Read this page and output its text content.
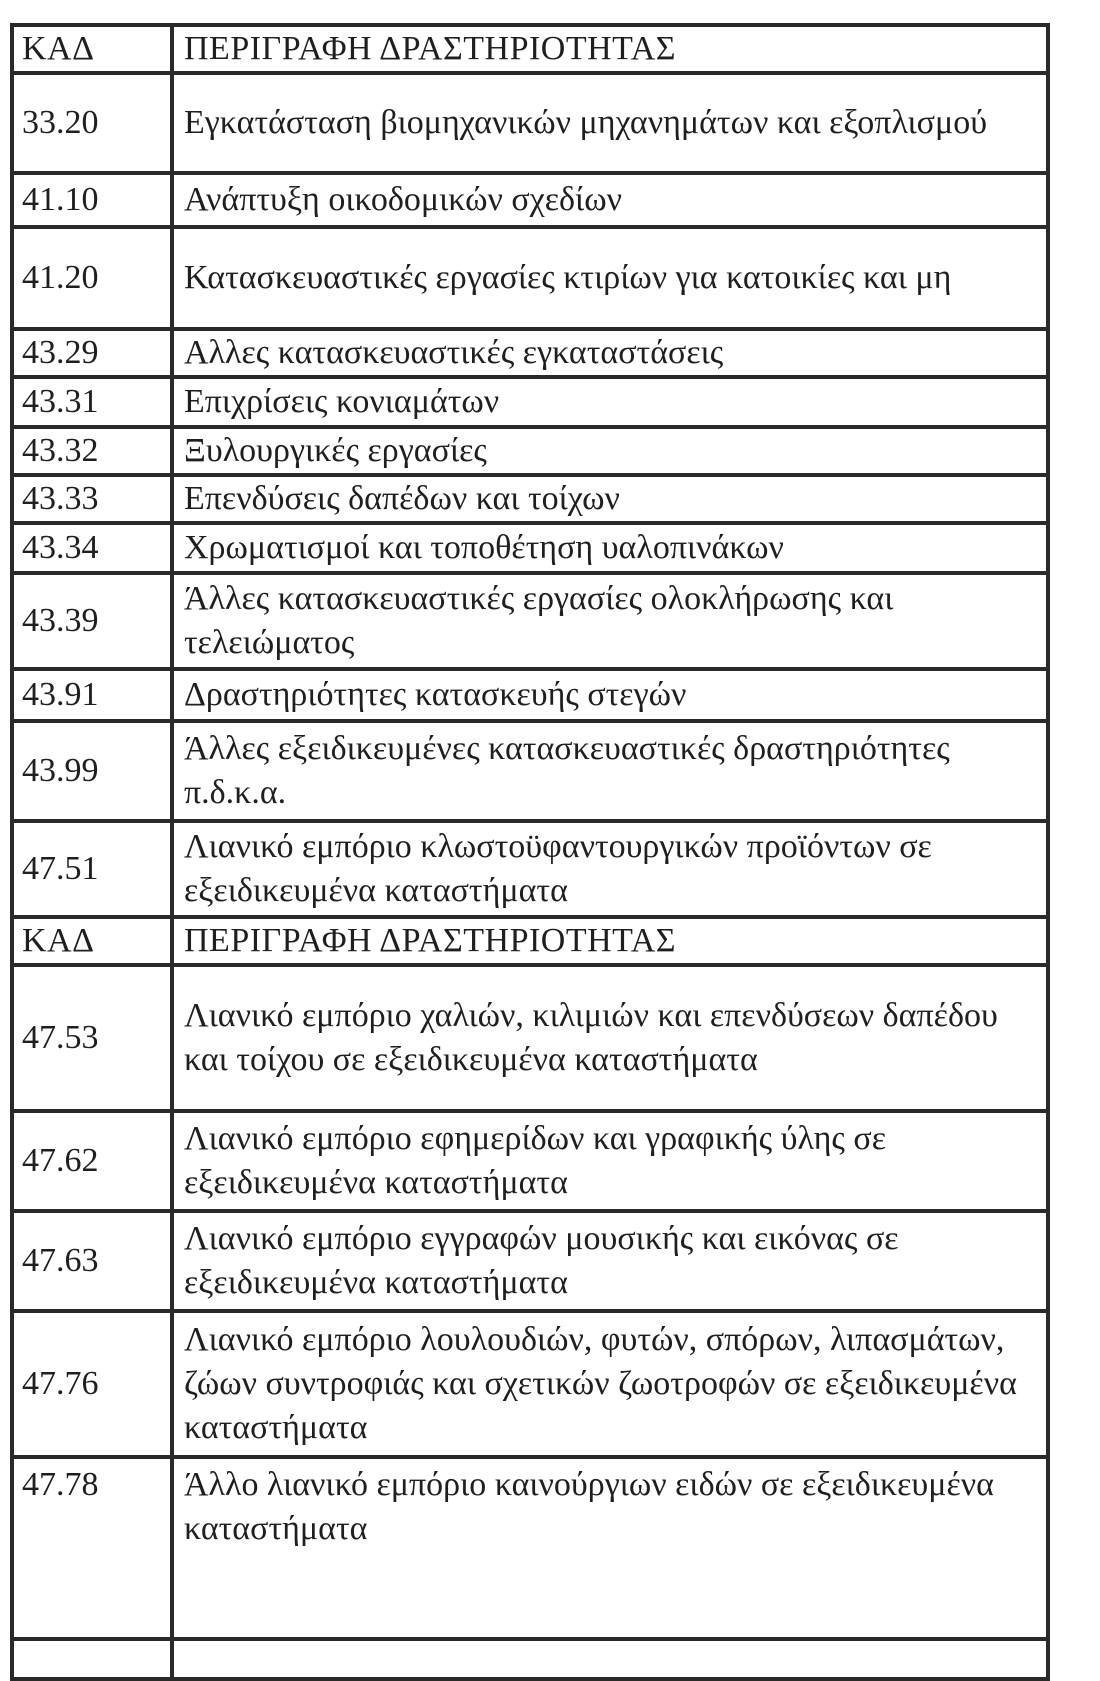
ΚΑΔ	ΠΕΡΙΓΡΑΦΗ ΔΡΑΣΤΗΡΙΟΤΗΤΑΣ
33.20	Εγκατάσταση βιομηχανικών μηχανημάτων και εξοπλισμού
41.10	Ανάπτυξη οικοδομικών σχεδίων
41.20	Κατασκευαστικές εργασίες κτιρίων για κατοικίες και μη
43.29	Αλλες κατασκευαστικές εγκαταστάσεις
43.31	Επιχρίσεις κονιαμάτων
43.32	Ξυλουργικές εργασίες
43.33	Επενδύσεις δαπέδων και τοίχων
43.34	Χρωματισμοί και τοποθέτηση υαλοπινάκων
43.39	Άλλες κατασκευαστικές εργασίες ολοκλήρωσης και τελειώματος
43.91	Δραστηριότητες κατασκευής στεγών
43.99	Άλλες εξειδικευμένες κατασκευαστικές δραστηριότητες π.δ.κ.α.
47.51	Λιανικό εμπόριο κλωστοϋφαντουργικών προϊόντων σε εξειδικευμένα καταστήματα
ΚΑΔ	ΠΕΡΙΓΡΑΦΗ ΔΡΑΣΤΗΡΙΟΤΗΤΑΣ
47.53	Λιανικό εμπόριο χαλιών, κιλιμιών και επενδύσεων δαπέδου και τοίχου σε εξειδικευμένα καταστήματα
47.62	Λιανικό εμπόριο εφημερίδων και γραφικής ύλης σε εξειδικευμένα καταστήματα
47.63	Λιανικό εμπόριο εγγραφών μουσικής και εικόνας σε εξειδικευμένα καταστήματα
47.76	Λιανικό εμπόριο λουλουδιών, φυτών, σπόρων, λιπασμάτων, ζώων συντροφιάς και σχετικών ζωοτροφών σε εξειδικευμένα καταστήματα
47.78	Άλλο λιανικό εμπόριο καινούργιων ειδών σε εξειδικευμένα καταστήματα
